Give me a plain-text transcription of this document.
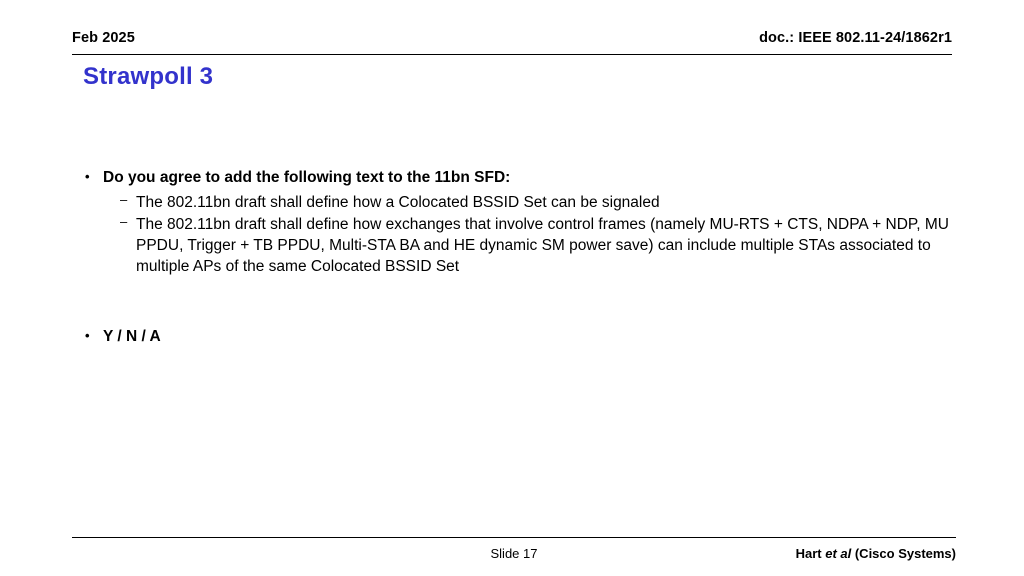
Feb 2025	doc.: IEEE 802.11-24/1862r1
Strawpoll 3
• Do you agree to add the following text to the 11bn SFD:
– The 802.11bn draft shall define how a Colocated BSSID Set can be signaled
– The 802.11bn draft shall define how exchanges that involve control frames (namely MU-RTS + CTS, NDPA + NDP, MU PPDU, Trigger + TB PPDU, Multi-STA BA and HE dynamic SM power save) can include multiple STAs associated to multiple APs of the same Colocated BSSID Set
• Y / N / A
Slide 17	Hart et al (Cisco Systems)
